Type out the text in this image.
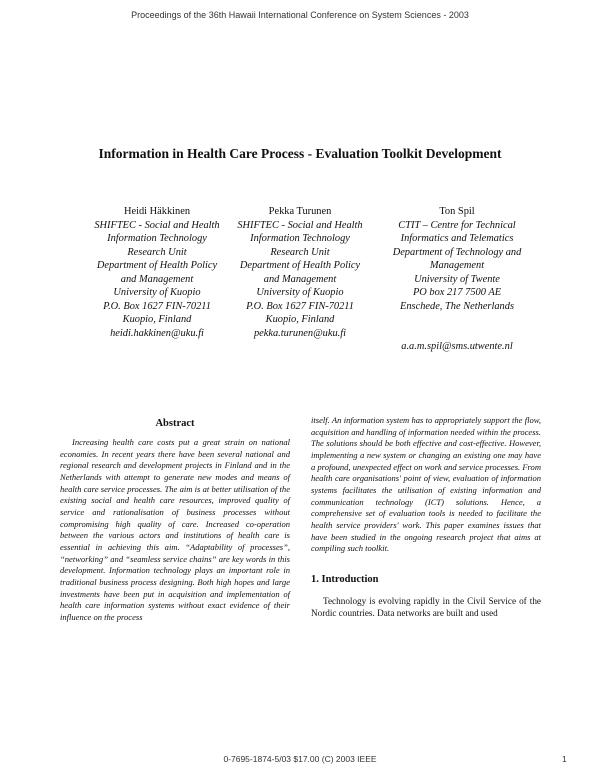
Proceedings of the 36th Hawaii International Conference on System Sciences - 2003
Information in Health Care Process - Evaluation Toolkit Development
Heidi Häkkinen
SHIFTEC - Social and Health
Information Technology
Research Unit
Department of Health Policy
and Management
University of Kuopio
P.O. Box 1627 FIN-70211
Kuopio, Finland
heidi.hakkinen@uku.fi
Pekka Turunen
SHIFTEC - Social and Health
Information Technology
Research Unit
Department of Health Policy
and Management
University of Kuopio
P.O. Box 1627 FIN-70211
Kuopio, Finland
pekka.turunen@uku.fi
Ton Spil
CTIT – Centre for Technical
Informatics and Telematics
Department of Technology and
Management
University of Twente
PO box 217 7500 AE
Enschede, The Netherlands
a.a.m.spil@sms.utwente.nl
Abstract

Increasing health care costs put a great strain on national economies. In recent years there have been several national and regional research and development projects in Finland and in the Netherlands with attempt to generate new modes and means of health care service processes. The aim is at better utilisation of the existing social and health care resources, improved quality of service and rationalisation of business processes without compromising high quality of care. Increased co-operation between the various actors and institutions of health care is essential in achieving this aim. “Adaptability of processes”, “networking” and “seamless service chains” are key words in this development. Information technology plays an important role in traditional business process designing. Both high hopes and large investments have been put in acquisition and implementation of health care information systems without exact evidence of their influence on the process

itself. An information system has to appropriately support the flow, acquisition and handling of information needed within the process. The solutions should be both effective and cost-effective. However, implementing a new system or changing an existing one may have a profound, unexpected effect on work and service processes. From health care organisations' point of view, evaluation of information systems facilitates the utilisation of existing information and communication technology (ICT) solutions. Hence, a comprehensive set of evaluation tools is needed to facilitate the health service providers' work. This paper examines issues that have been studied in the ongoing research project that aims at compiling such toolkit.

1. Introduction

Technology is evolving rapidly in the Civil Service of the Nordic countries. Data networks are built and used

0-7695-1874-5/03 $17.00 (C) 2003 IEEE	1
